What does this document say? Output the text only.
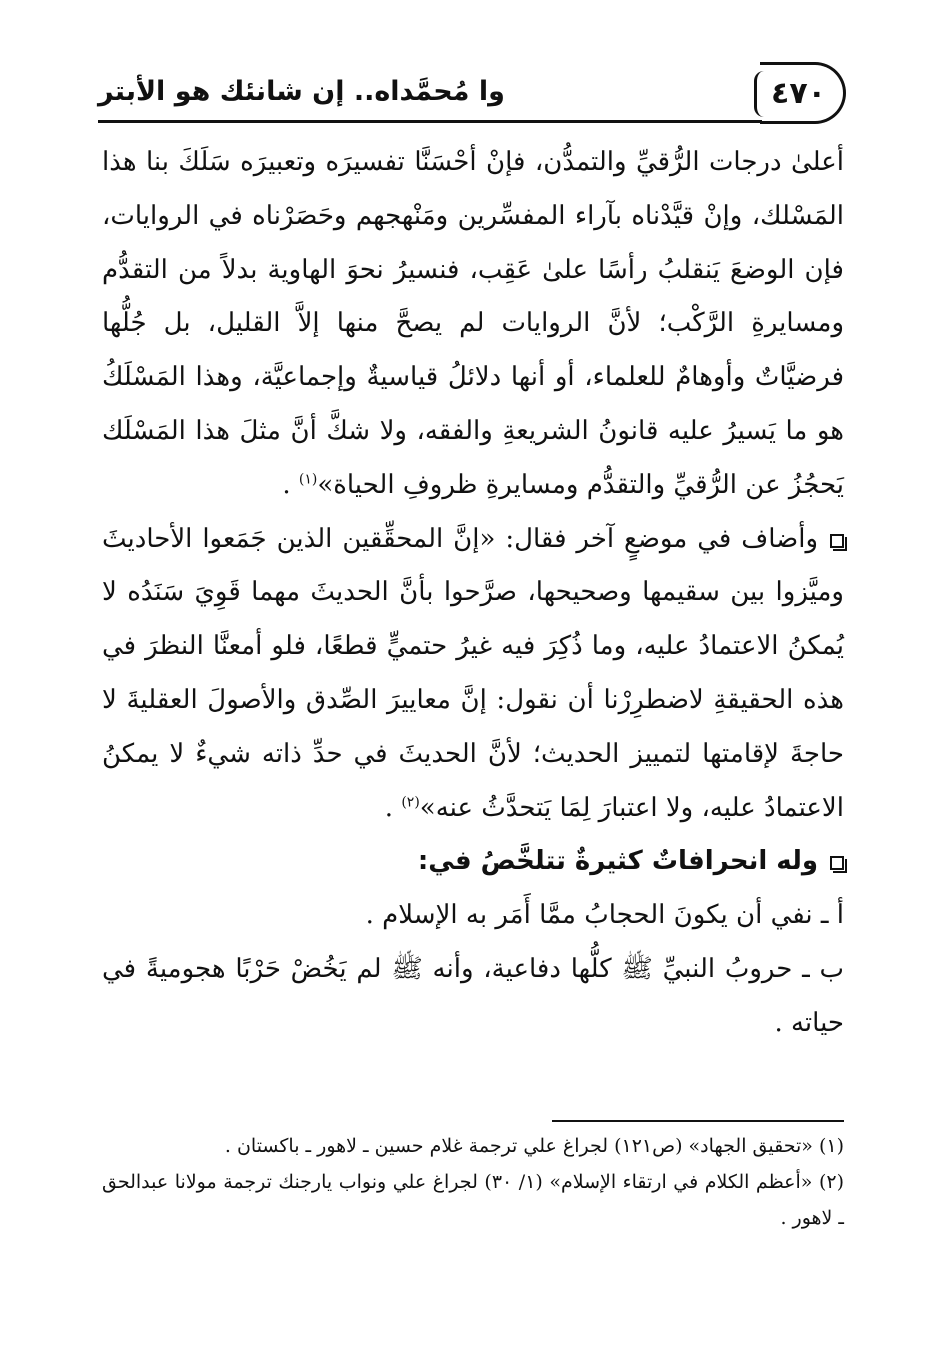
٤٧٠
وا مُحمَّداه.. إن شانئك هو الأبتر

أعلىٰ درجات الرُّقيِّ والتمدُّن، فإنْ أحْسَنَّا تفسيرَه وتعبيرَه سَلَكَ بنا هذا المَسْلك، وإنْ قيَّدْناه بآراء المفسِّرين ومَنْهجهم وحَصَرْناه في الروايات، فإن الوضعَ يَنقلبُ رأسًا علىٰ عَقِب، فنسيرُ نحوَ الهاوية بدلاً من التقدُّم ومسايرةِ الرَّكْب؛ لأنَّ الروايات لم يصحَّ منها إلاَّ القليل، بل جُلُّها فرضيَّاتٌ وأوهامٌ للعلماء، أو أنها دلائلُ قياسيةٌ وإجماعيَّة، وهذا المَسْلَكُ هو ما يَسيرُ عليه قانونُ الشريعةِ والفقه، ولا شكَّ أنَّ مثلَ هذا المَسْلَك يَحجُزُ عن الرُّقيِّ والتقدُّم ومسايرةِ ظروفِ الحياة»$^{(١)}$ .

وأضاف في موضعٍ آخر فقال: «إنَّ المحقِّقين الذين جَمَعوا الأحاديثَ وميَّزوا بين سقيمها وصحيحها، صرَّحوا بأنَّ الحديثَ مهما قَوِيَ سَنَدُه لا يُمكنُ الاعتمادُ عليه، وما ذُكِرَ فيه غيرُ حتميٍّ قطعًا، فلو أمعنَّا النظرَ في هذه الحقيقةِ لاضطرِرْنا أن نقول: إنَّ معاييرَ الصِّدق والأصولَ العقليةَ لا حاجةَ لإقامتها لتمييز الحديث؛ لأنَّ الحديثَ في حدِّ ذاته شيءٌ لا يمكنُ الاعتمادُ عليه، ولا اعتبارَ لِمَا يَتحدَّثُ عنه»$^{(٢)}$ .

وله انحرافاتٌ كثيرةٌ تتلخَّصُ في:

أ ـ نفي أن يكونَ الحجابُ ممَّا أَمَر به الإسلام .

ب ـ حروبُ النبيِّ ﷺ كلُّها دفاعية، وأنه ﷺ لم يَخُضْ حَرْبًا هجوميةً في حياته .

(١) «تحقيق الجهاد» (ص١٢١) لجراغ علي ترجمة غلام حسين ـ لاهور ـ باكستان .

(٢) «أعظم الكلام في ارتقاء الإسلام» (١/ ٣٠) لجراغ علي ونواب يارجنك ترجمة مولانا عبدالحق ـ لاهور .
